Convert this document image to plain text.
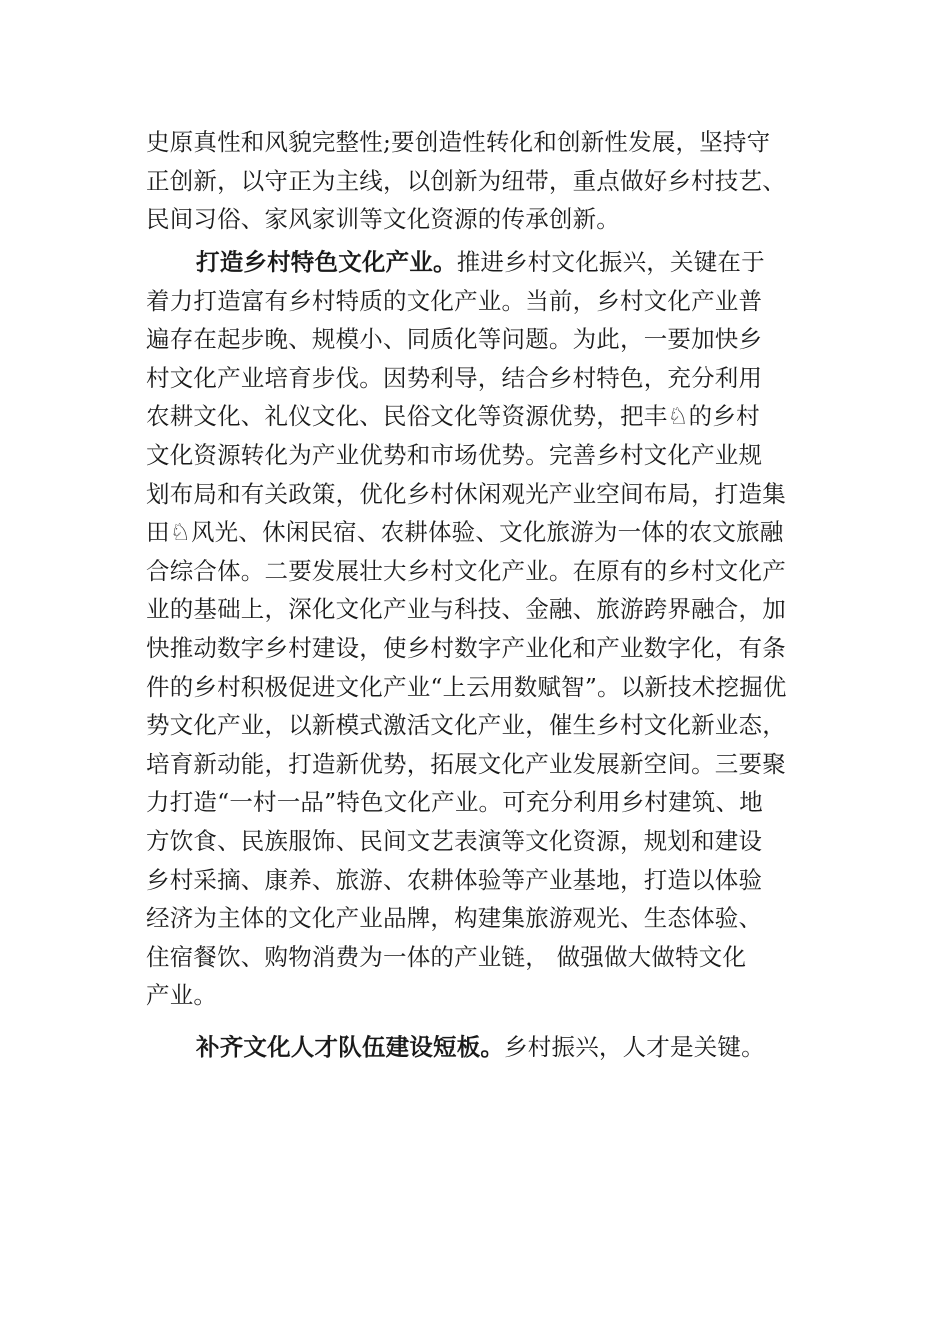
史原真性和风貌完整性;要创造性转化和创新性发展，坚持守
正创新，以守正为主线，以创新为纽带，重点做好乡村技艺、
民间习俗、家风家训等文化资源的传承创新。
打造乡村特色文化产业。推进乡村文化振兴，关键在于
着力打造富有乡村特质的文化产业。当前，乡村文化产业普
遍存在起步晚、规模小、同质化等问题。为此，一要加快乡
村文化产业培育步伐。因势利导，结合乡村特色，充分利用
农耕文化、礼仪文化、民俗文化等资源优势，把丰♘的乡村
文化资源转化为产业优势和市场优势。完善乡村文化产业规
划布局和有关政策，优化乡村休闲观光产业空间布局，打造集
田♘风光、休闲民宿、农耕体验、文化旅游为一体的农文旅融
合综合体。二要发展壮大乡村文化产业。在原有的乡村文化产
业的基础上，深化文化产业与科技、金融、旅游跨界融合，加
快推动数字乡村建设，使乡村数字产业化和产业数字化，有条
件的乡村积极促进文化产业“上云用数赋智”。以新技术挖掘优
势文化产业，以新模式激活文化产业，催生乡村文化新业态，
培育新动能，打造新优势，拓展文化产业发展新空间。三要聚
力打造“一村一品”特色文化产业。可充分利用乡村建筑、地
方饮食、民族服饰、民间文艺表演等文化资源，规划和建设
乡村采摘、康养、旅游、农耕体验等产业基地，打造以体验
经济为主体的文化产业品牌，构建集旅游观光、生态体验、
住宿餐饮、购物消费为一体的产业链， 做强做大做特文化
产业。
补齐文化人才队伍建设短板。乡村振兴，人才是关键。
